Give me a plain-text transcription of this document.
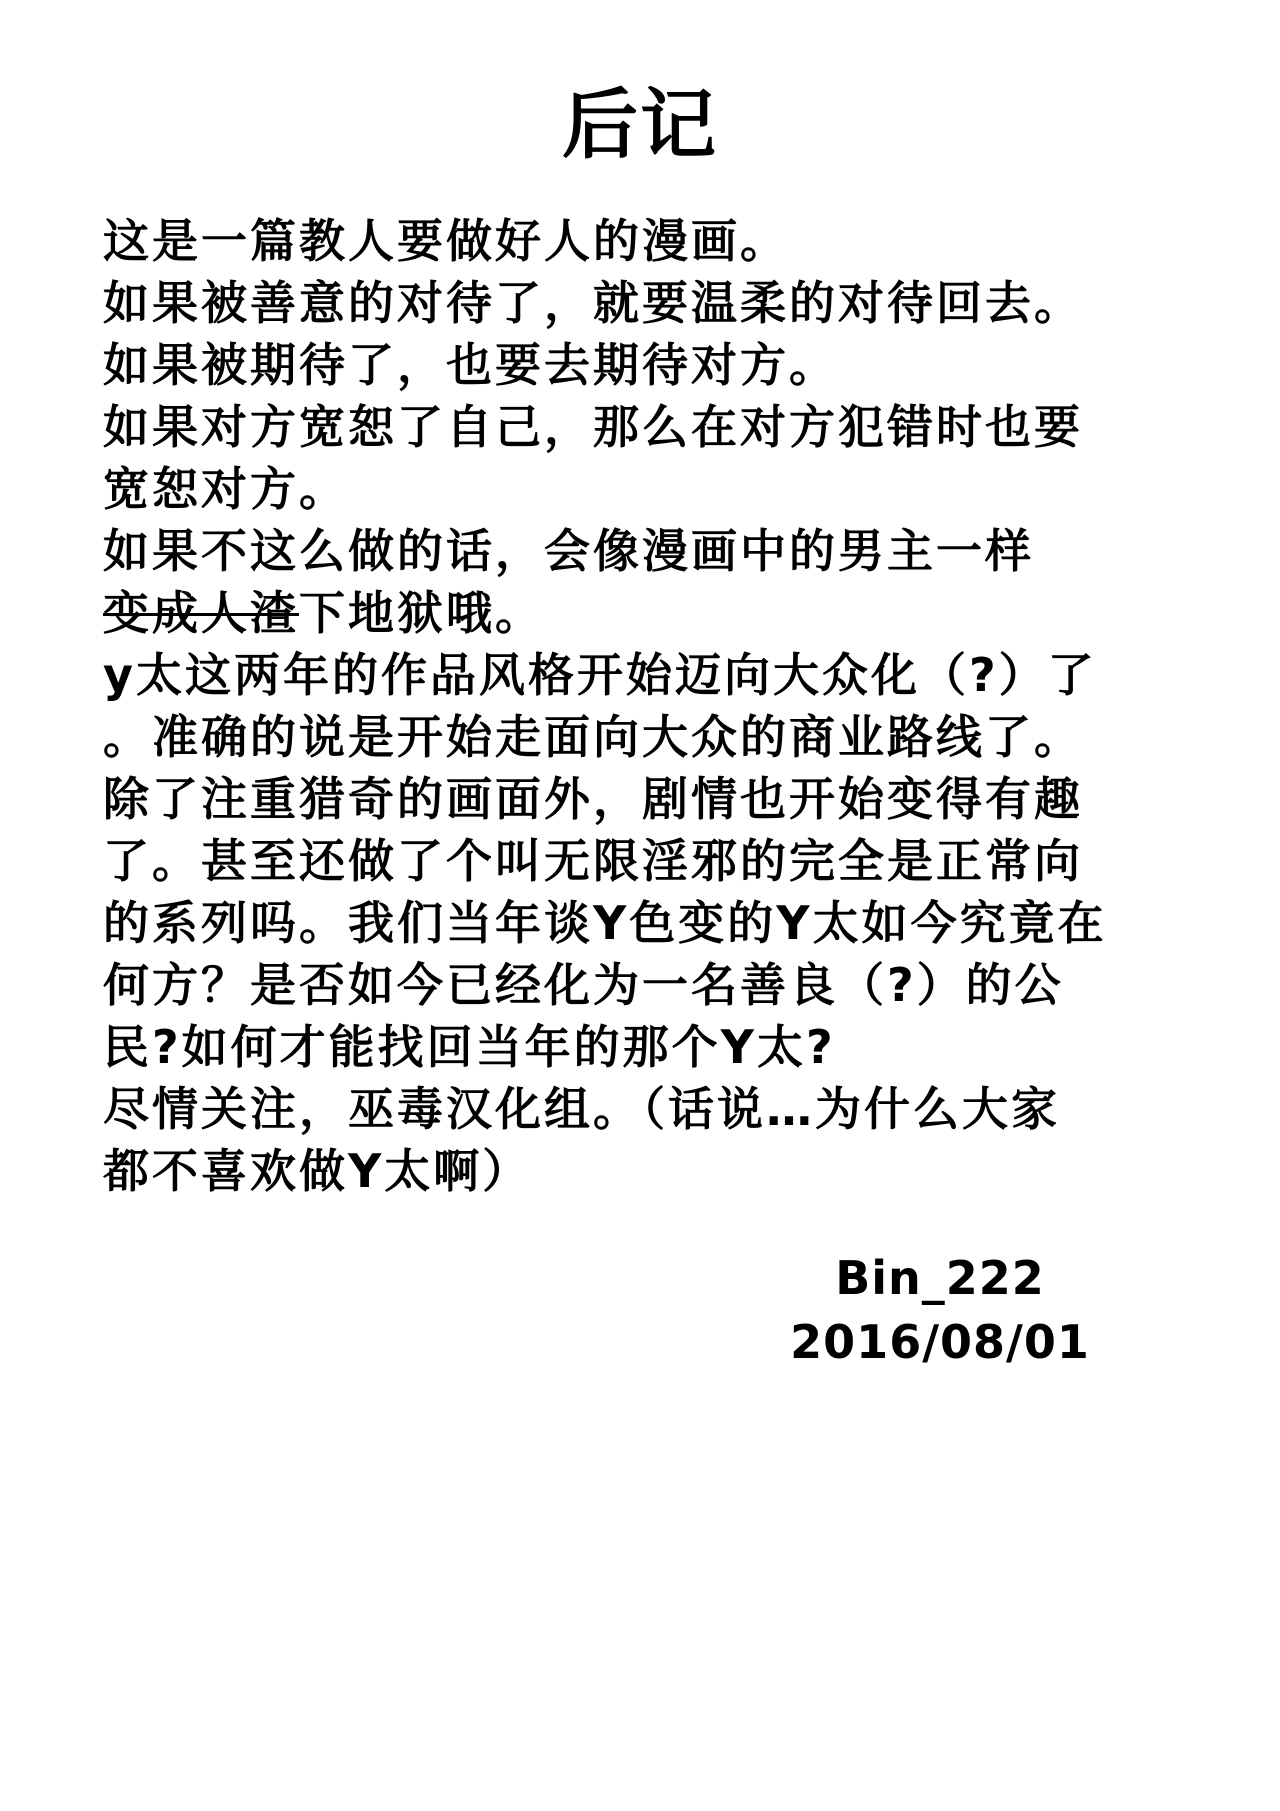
后记
这是一篇教人要做好人的漫画。
如果被善意的对待了，就要温柔的对待回去。
如果被期待了，也要去期待对方。
如果对方宽恕了自己，那么在对方犯错时也要
宽恕对方。
如果不这么做的话，会像漫画中的男主一样
变成人渣下地狱哦。
y太这两年的作品风格开始迈向大众化（?）了
。准确的说是开始走面向大众的商业路线了。
除了注重猎奇的画面外，剧情也开始变得有趣
了。甚至还做了个叫无限淫邪的完全是正常向
的系列吗。我们当年谈Y色变的Y太如今究竟在
何方？是否如今已经化为一名善良（?）的公
民?如何才能找回当年的那个Y太?
尽情关注，巫毒汉化组。（话说…为什么大家
都不喜欢做Y太啊）
Bin_222
2016/08/01
